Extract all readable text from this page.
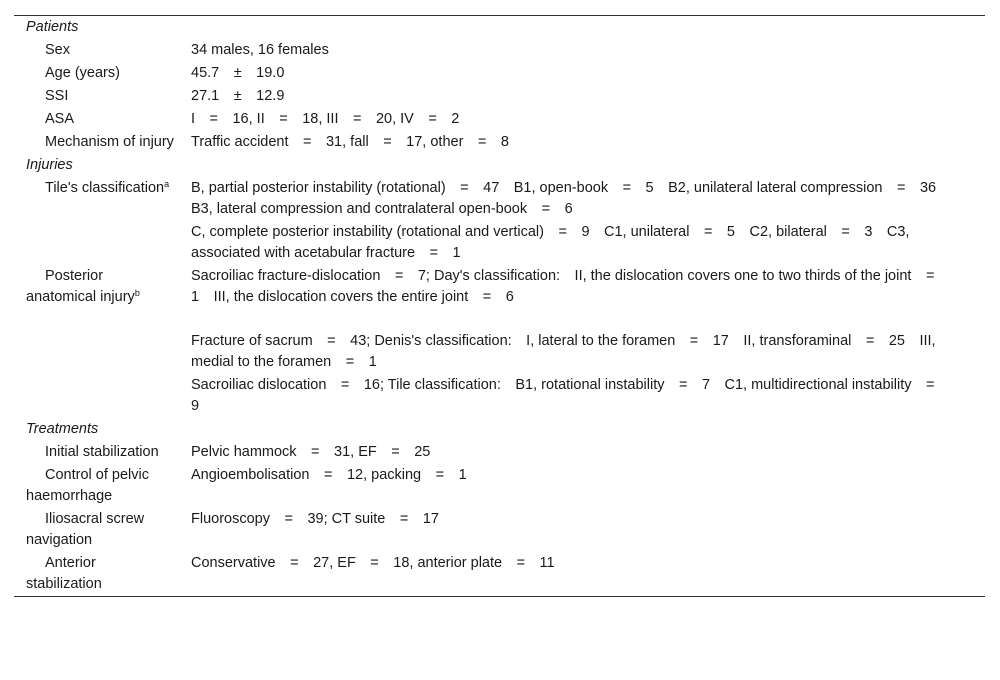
Patients	

Sex	34 males, 16 females

Age (years)	45.7 ± 19.0

SSI	27.1 ± 12.9

ASA	I = 16, II = 18, III = 20, IV = 2

Mechanism of injury	Traffic accident = 31, fall = 17, other = 8
Injuries	

Tile's classification$^a$	B, partial posterior instability (rotational) = 47 B1, open-book = 5 B2, unilateral lateral compression = 36 B3, lateral compression and contralateral open-book = 6
C, complete posterior instability (rotational and vertical) = 9 C1, unilateral = 5 C2, bilateral = 3 C3, associated with acetabular fracture = 1

Posterior anatomical injury$^b$	Sacroiliac fracture-dislocation = 7; Day's classification: II, the dislocation covers one to two thirds of the joint = 1 III, the dislocation covers the entire joint = 6
Fracture of sacrum = 43; Denis's classification: I, lateral to the foramen = 17 II, transforaminal = 25 III, medial to the foramen = 1
Sacroiliac dislocation = 16; Tile classification: B1, rotational instability = 7 C1, multidirectional instability = 9

Treatments	

Initial stabilization	Pelvic hammock = 31, EF = 25

Control of pelvic haemorrhage	Angioembolisation = 12, packing = 1

Iliosacral screw navigation	Fluoroscopy = 39; CT suite = 17

Anterior stabilization	Conservative = 27, EF = 18, anterior plate = 11
